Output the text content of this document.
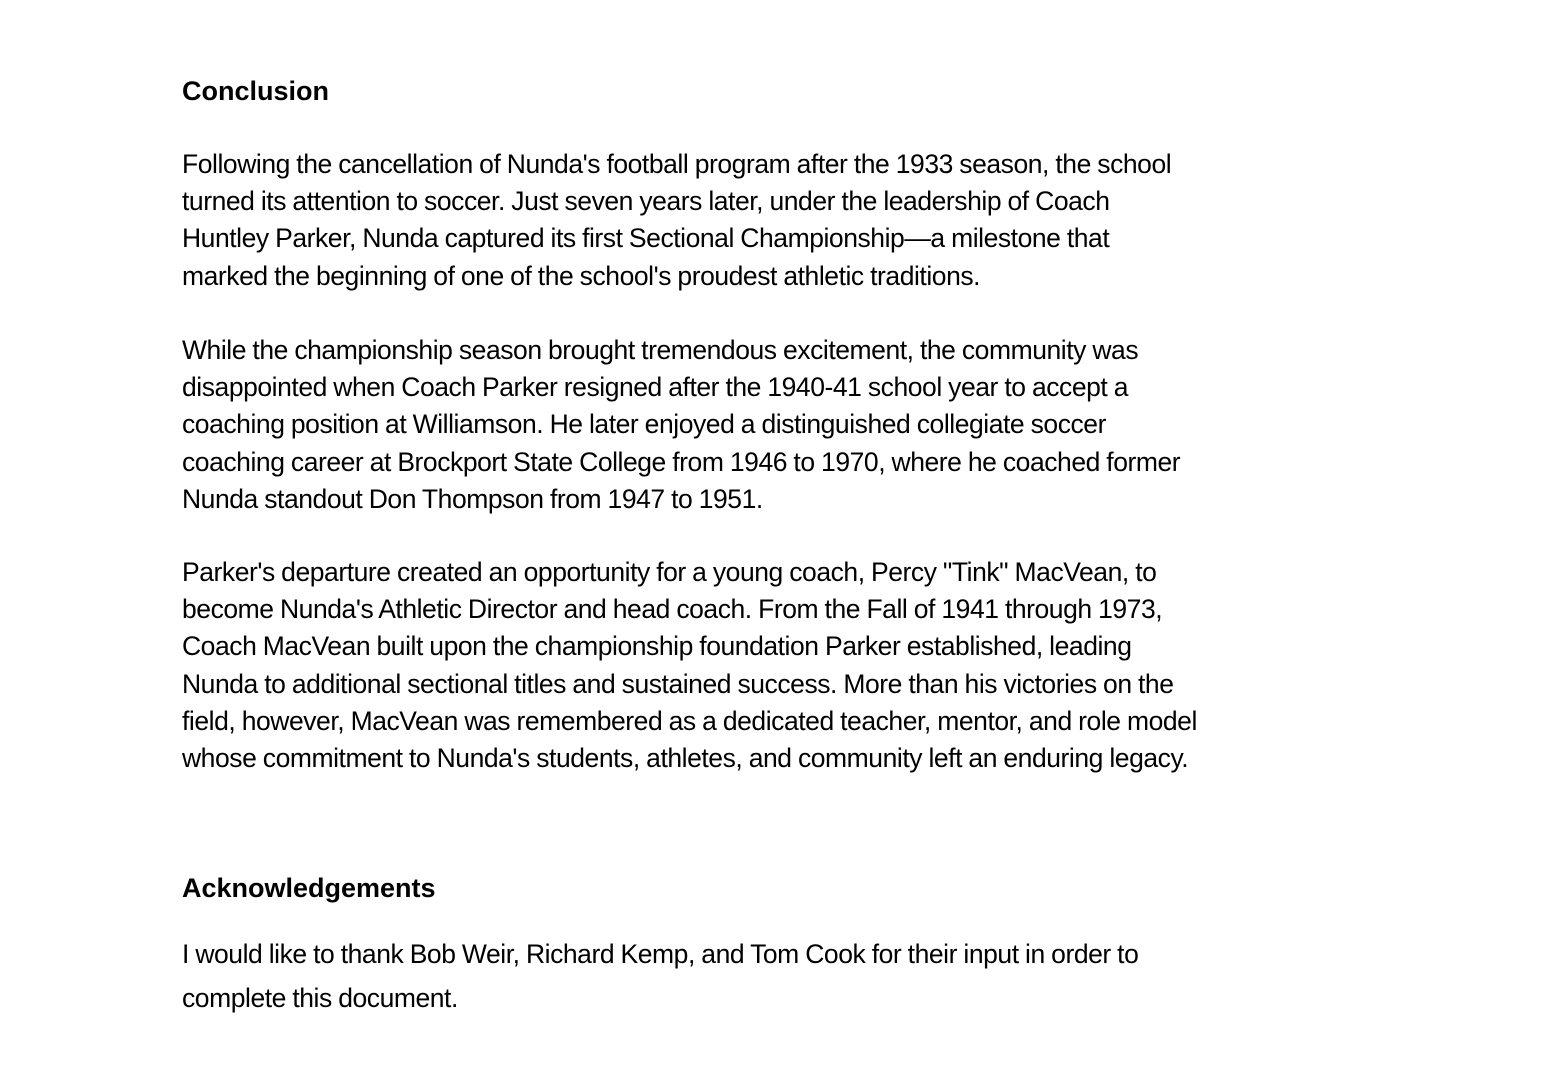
Conclusion

Following the cancellation of Nunda's football program after the 1933 season, the school
turned its attention to soccer. Just seven years later, under the leadership of Coach
Huntley Parker, Nunda captured its first Sectional Championship—a milestone that
marked the beginning of one of the school's proudest athletic traditions.

While the championship season brought tremendous excitement, the community was
disappointed when Coach Parker resigned after the 1940-41 school year to accept a
coaching position at Williamson. He later enjoyed a distinguished collegiate soccer
coaching career at Brockport State College from 1946 to 1970, where he coached former
Nunda standout Don Thompson from 1947 to 1951.

Parker's departure created an opportunity for a young coach, Percy "Tink" MacVean, to
become Nunda's Athletic Director and head coach. From the Fall of 1941 through 1973,
Coach MacVean built upon the championship foundation Parker established, leading
Nunda to additional sectional titles and sustained success. More than his victories on the
field, however, MacVean was remembered as a dedicated teacher, mentor, and role model
whose commitment to Nunda's students, athletes, and community left an enduring legacy.

Acknowledgements

I would like to thank Bob Weir, Richard Kemp, and Tom Cook for their input in order to
complete this document.
